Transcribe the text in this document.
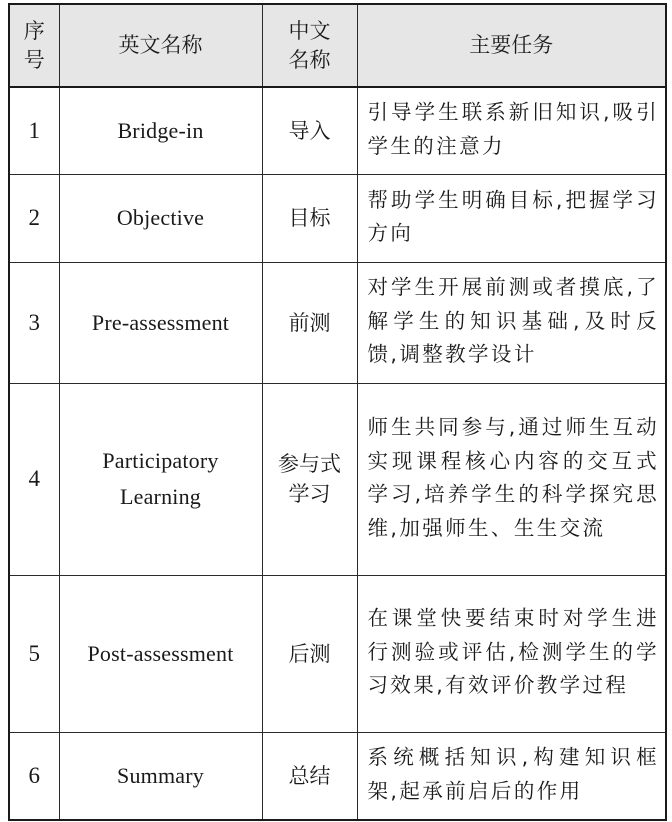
序号	英文名称	中文名称	主要任务

1	Bridge-in	导入	引导学生联系新旧知识,吸引学生的注意力
2	Objective	目标	帮助学生明确目标,把握学习方向
3	Pre-assessment	前测	对学生开展前测或者摸底,了解学生的知识基础,及时反馈,调整教学设计
4	Participatory Learning	参与式学习	师生共同参与,通过师生互动实现课程核心内容的交互式学习,培养学生的科学探究思维,加强师生、生生交流
5	Post-assessment	后测	在课堂快要结束时对学生进行测验或评估,检测学生的学习效果,有效评价教学过程
6	Summary	总结	系统概括知识,构建知识框架,起承前启后的作用
